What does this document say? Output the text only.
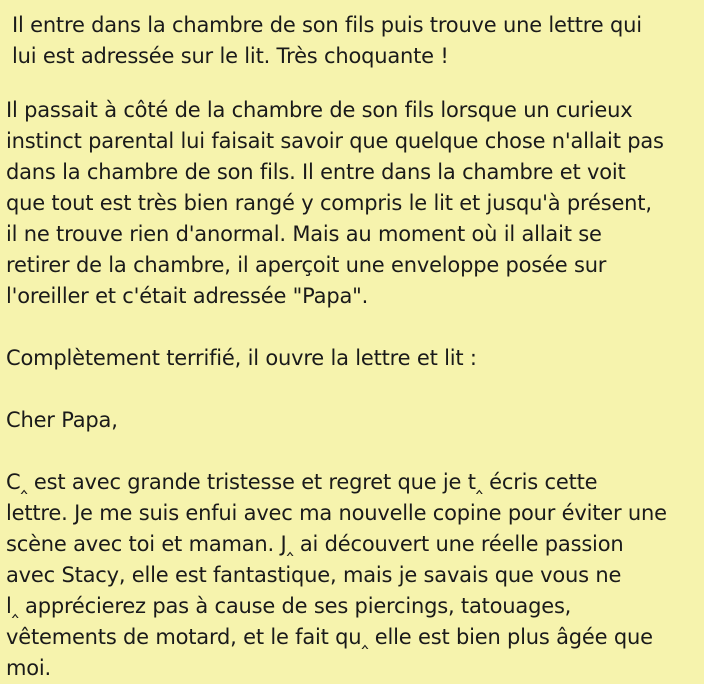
Il entre dans la chambre de son fils puis trouve une lettre qui
lui est adressée sur le lit. Très choquante !

Il passait à côté de la chambre de son fils lorsque un curieux
instinct parental lui faisait savoir que quelque chose n'allait pas
dans la chambre de son fils. Il entre dans la chambre et voit
que tout est très bien rangé y compris le lit et jusqu'à présent,
il ne trouve rien d'anormal. Mais au moment où il allait se
retirer de la chambre, il aperçoit une enveloppe posée sur
l'oreiller et c'était adressée "Papa".

Complètement terrifié, il ouvre la lettre et lit :

Cher Papa,

C‸ est avec grande tristesse et regret que je t‸ écris cette
lettre. Je me suis enfui avec ma nouvelle copine pour éviter une
scène avec toi et maman. J‸ ai découvert une réelle passion
avec Stacy, elle est fantastique, mais je savais que vous ne
l‸ apprécierez pas à cause de ses piercings, tatouages,
vêtements de motard, et le fait qu‸ elle est bien plus âgée que
moi.
